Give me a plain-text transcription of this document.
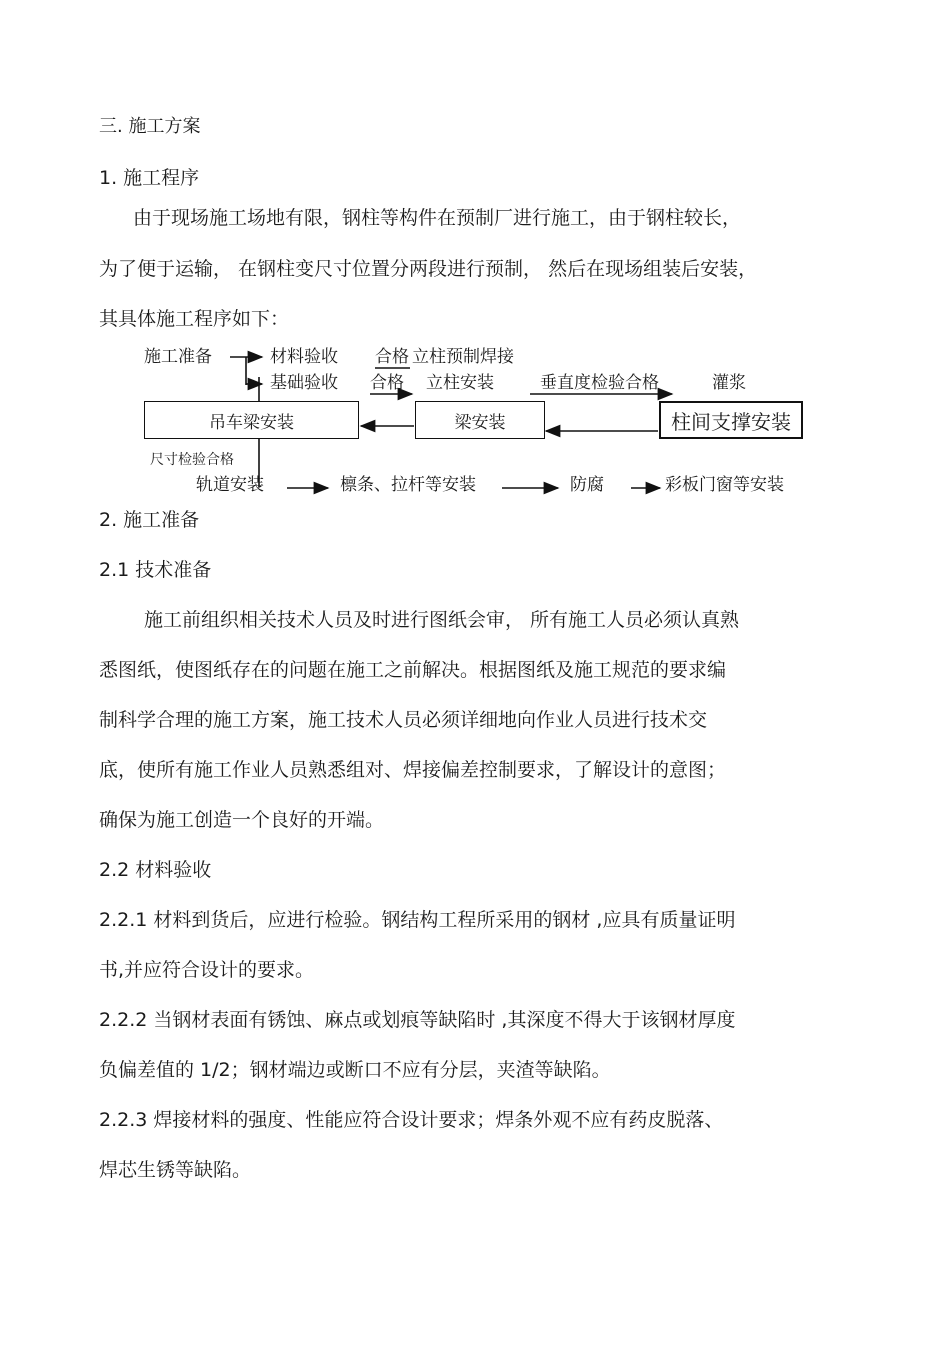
三. 施工方案
1. 施工程序
由于现场施工场地有限，钢柱等构件在预制厂进行施工，由于钢柱较长，
为了便于运输， 在钢柱变尺寸位置分两段进行预制， 然后在现场组装后安装，
其具体施工程序如下：
施工准备	材料验收 合格 立柱预制焊接
基础验收 合格 立柱安装	垂直度检验合格	灌浆
吊车梁安装	梁安装	柱间支撑安装
尺寸检验合格
轨道安装	檩条、拉杆等安装	防腐	彩板门窗等安装
2. 施工准备
2.1 技术准备
施工前组织相关技术人员及时进行图纸会审， 所有施工人员必须认真熟
悉图纸，使图纸存在的问题在施工之前解决。根据图纸及施工规范的要求编
制科学合理的施工方案，施工技术人员必须详细地向作业人员进行技术交
底，使所有施工作业人员熟悉组对、焊接偏差控制要求，了解设计的意图；
确保为施工创造一个良好的开端。
2.2 材料验收
2.2.1 材料到货后，应进行检验。钢结构工程所采用的钢材 ,应具有质量证明
书,并应符合设计的要求。
2.2.2 当钢材表面有锈蚀、麻点或划痕等缺陷时 ,其深度不得大于该钢材厚度
负偏差值的 1/2；钢材端边或断口不应有分层，夹渣等缺陷。
2.2.3 焊接材料的强度、性能应符合设计要求；焊条外观不应有药皮脱落、
焊芯生锈等缺陷。
